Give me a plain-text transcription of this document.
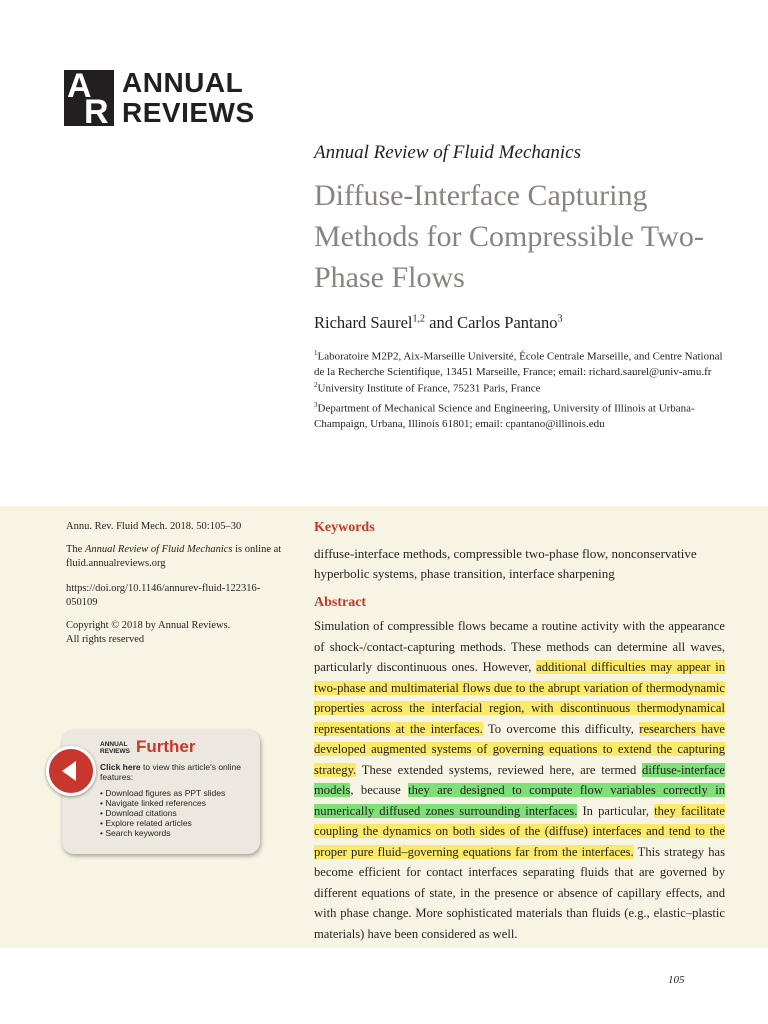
A
R
ANNUAL
REVIEWS
Annual Review of Fluid Mechanics
Diffuse-Interface Capturing Methods for Compressible Two-Phase Flows
Richard Saurel$^{1,2}$ and Carlos Pantano$^3$
$^1$Laboratoire M2P2, Aix-Marseille Université, École Centrale Marseille, and Centre National de la Recherche Scientifique, 13451 Marseille, France; email: richard.saurel@univ-amu.fr
$^2$University Institute of France, 75231 Paris, France
$^3$Department of Mechanical Science and Engineering, University of Illinois at Urbana-Champaign, Urbana, Illinois 61801; email: cpantano@illinois.edu
Annu. Rev. Fluid Mech. 2018. 50:105–30
The Annual Review of Fluid Mechanics is online at fluid.annualreviews.org
https://doi.org/10.1146/annurev-fluid-122316-050109
Copyright © 2018 by Annual Reviews.
All rights reserved
ANNUAL
REVIEWS Further
Click here to view this article's online features:
• Download figures as PPT slides
• Navigate linked references
• Download citations
• Explore related articles
• Search keywords
Keywords
diffuse-interface methods, compressible two-phase flow, nonconservative hyperbolic systems, phase transition, interface sharpening
Abstract
Simulation of compressible flows became a routine activity with the appearance of shock-/contact-capturing methods. These methods can determine all waves, particularly discontinuous ones. However, additional difficulties may appear in two-phase and multimaterial flows due to the abrupt variation of thermodynamic properties across the interfacial region, with discontinuous thermodynamical representations at the interfaces. To overcome this difficulty, researchers have developed augmented systems of governing equations to extend the capturing strategy. These extended systems, reviewed here, are termed diffuse-interface models, because they are designed to compute flow variables correctly in numerically diffused zones surrounding interfaces. In particular, they facilitate coupling the dynamics on both sides of the (diffuse) interfaces and tend to the proper pure fluid–governing equations far from the interfaces. This strategy has become efficient for contact interfaces separating fluids that are governed by different equations of state, in the presence or absence of capillary effects, and with phase change. More sophisticated materials than fluids (e.g., elastic–plastic materials) have been considered as well.
105
